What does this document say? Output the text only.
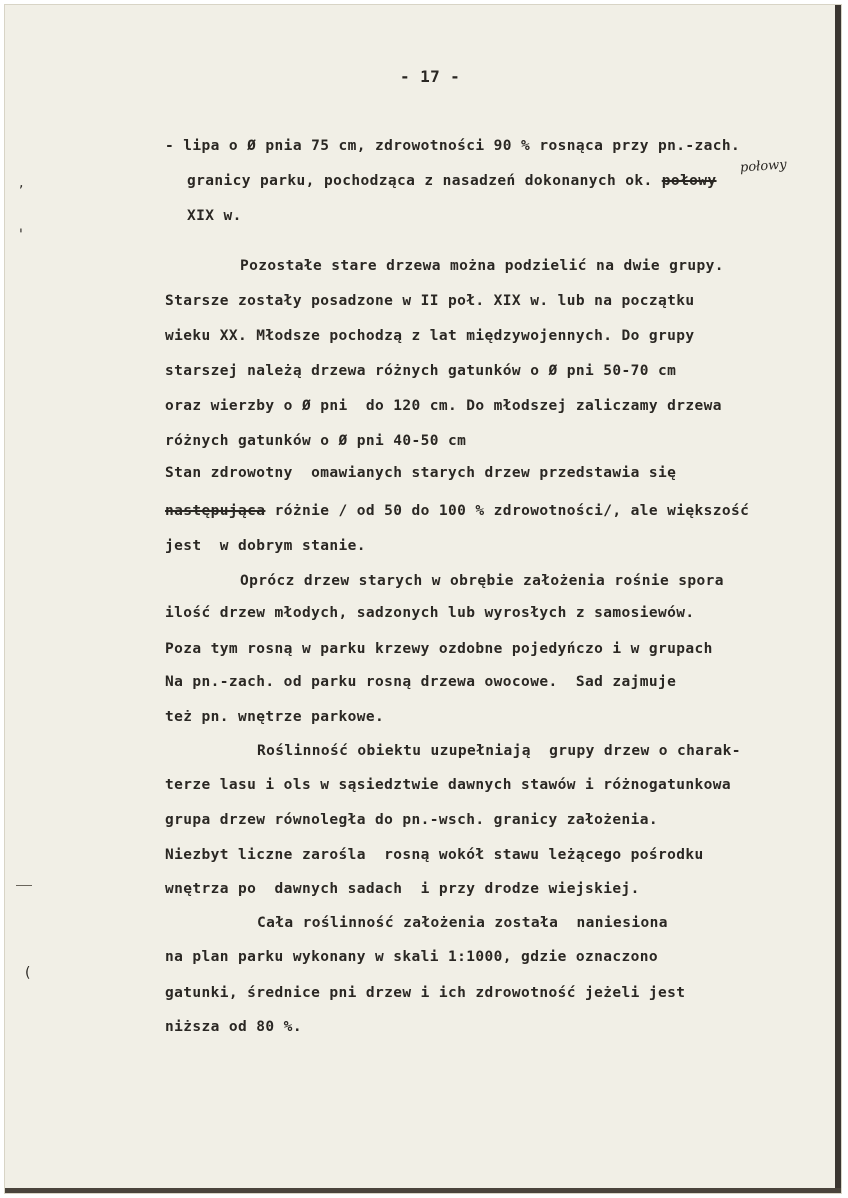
- 17 -
połowy
,
'
(
- lipa o Ø pnia 75 cm, zdrowotności 90 % rosnąca przy pn.-zach.
granicy parku, pochodząca z nasadzeń dokonanych ok. połowy
XIX w.
Pozostałe stare drzewa można podzielić na dwie grupy.
Starsze zostały posadzone w II poł. XIX w. lub na początku
wieku XX. Młodsze pochodzą z lat międzywojennych. Do grupy
starszej należą drzewa różnych gatunków o Ø pni 50-70 cm
oraz wierzby o Ø pni  do 120 cm. Do młodszej zaliczamy drzewa
różnych gatunków o Ø pni 40-50 cm
Stan zdrowotny  omawianych starych drzew przedstawia się
następująca różnie / od 50 do 100 % zdrowotności/, ale większość
jest  w dobrym stanie.
Oprócz drzew starych w obrębie założenia rośnie spora
ilość drzew młodych, sadzonych lub wyrosłych z samosiewów.
Poza tym rosną w parku krzewy ozdobne pojedyńczo i w grupach
Na pn.-zach. od parku rosną drzewa owocowe.  Sad zajmuje
też pn. wnętrze parkowe.
Roślinność obiektu uzupełniają  grupy drzew o charak-
terze lasu i ols w sąsiedztwie dawnych stawów i różnogatunkowa
grupa drzew równoległa do pn.-wsch. granicy założenia.
Niezbyt liczne zarośla  rosną wokół stawu leżącego pośrodku
wnętrza po  dawnych sadach  i przy drodze wiejskiej.
Cała roślinność założenia została  naniesiona
na plan parku wykonany w skali 1:1000, gdzie oznaczono
gatunki, średnice pni drzew i ich zdrowotność jeżeli jest
niższa od 80 %.
